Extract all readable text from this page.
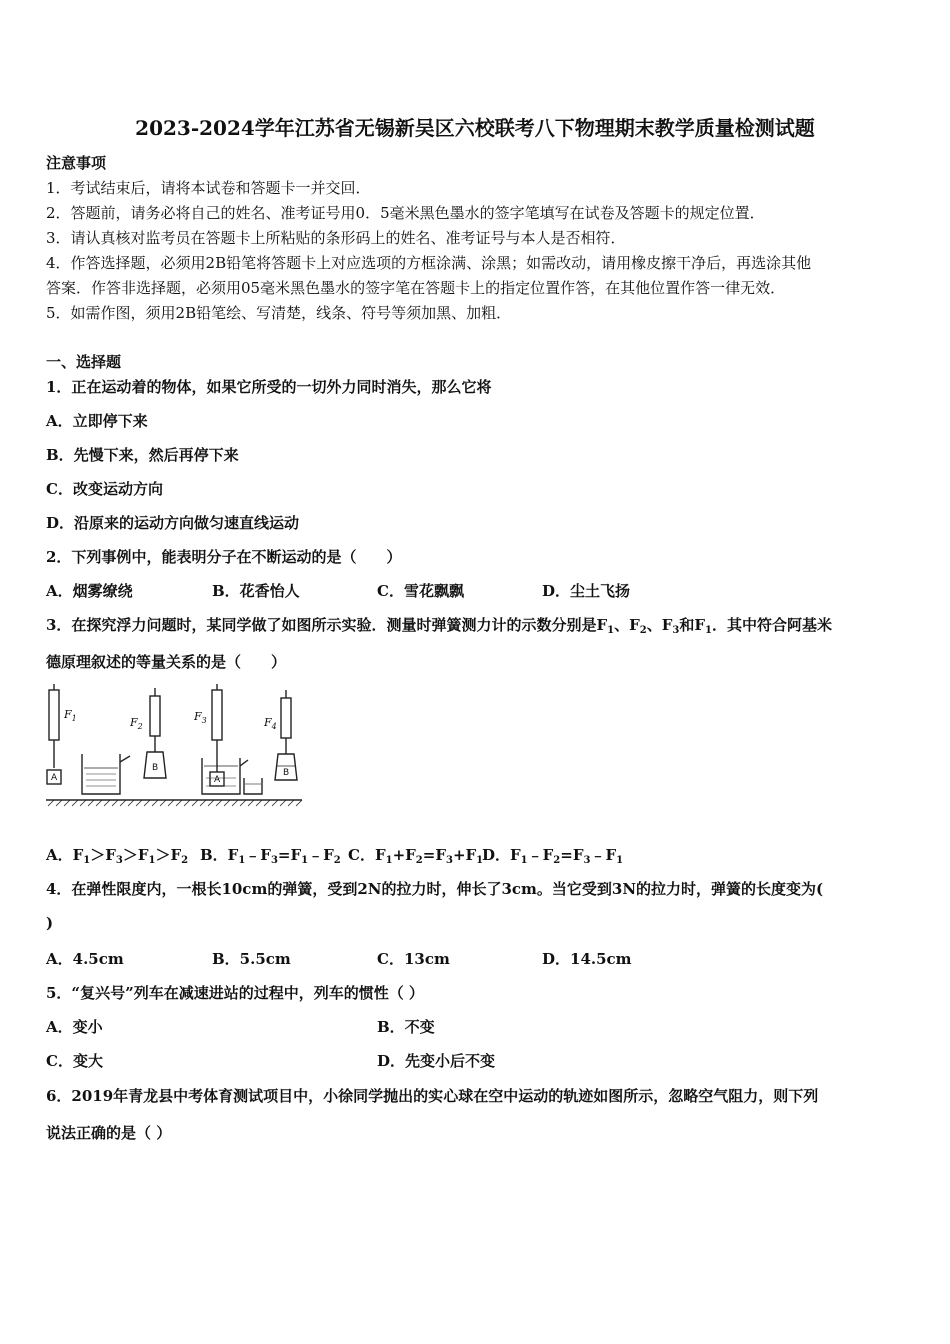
2023-2024学年江苏省无锡新吴区六校联考八下物理期末教学质量检测试题
注意事项
1．考试结束后，请将本试卷和答题卡一并交回．
2．答题前，请务必将自己的姓名、准考证号用0．5毫米黑色墨水的签字笔填写在试卷及答题卡的规定位置．
3．请认真核对监考员在答题卡上所粘贴的条形码上的姓名、准考证号与本人是否相符．
4．作答选择题，必须用2B铅笔将答题卡上对应选项的方框涂满、涂黑；如需改动，请用橡皮擦干净后，再选涂其他
答案．作答非选择题，必须用05毫米黑色墨水的签字笔在答题卡上的指定位置作答，在其他位置作答一律无效．
5．如需作图，须用2B铅笔绘、写清楚，线条、符号等须加黑、加粗．
一、选择题
1．正在运动着的物体，如果它所受的一切外力同时消失，那么它将
A．立即停下来
B．先慢下来，然后再停下来
C．改变运动方向
D．沿原来的运动方向做匀速直线运动
2．下列事例中，能表明分子在不断运动的是（　　）
A．烟雾缭绕	B．花香怡人	C．雪花飘飘	D．尘土飞扬
3．在探究浮力问题时，某同学做了如图所示实验．测量时弹簧测力计的示数分别是$F_1$、$F_2$、$F_3$和$F_1$．其中符合阿基米
德原理叙述的等量关系的是（　　）
$F_1$	$F_2$
$F_3$	$F_4$
A
B
A
B
A．$F_1>F_3>F_1>F_2$ B．$F_1﹣F_3=F_1﹣F_2$ C．$F_1+F_2=F_3+F_1$
D．$F_1﹣F_2=F_3﹣F_1$
4．在弹性限度内，一根长10cm的弹簧，受到2N的拉力时，伸长了3cm。当它受到3N的拉力时，弹簧的长度变为(
)
A．4.5cm	B．5.5cm	C．13cm	D．14.5cm
5．“复兴号”列车在减速进站的过程中，列车的惯性（ ）
A．变小	B．不变
C．变大	D．先变小后不变
6．2019年青龙县中考体育测试项目中，小徐同学抛出的实心球在空中运动的轨迹如图所示，忽略空气阻力，则下列
说法正确的是（ ）
